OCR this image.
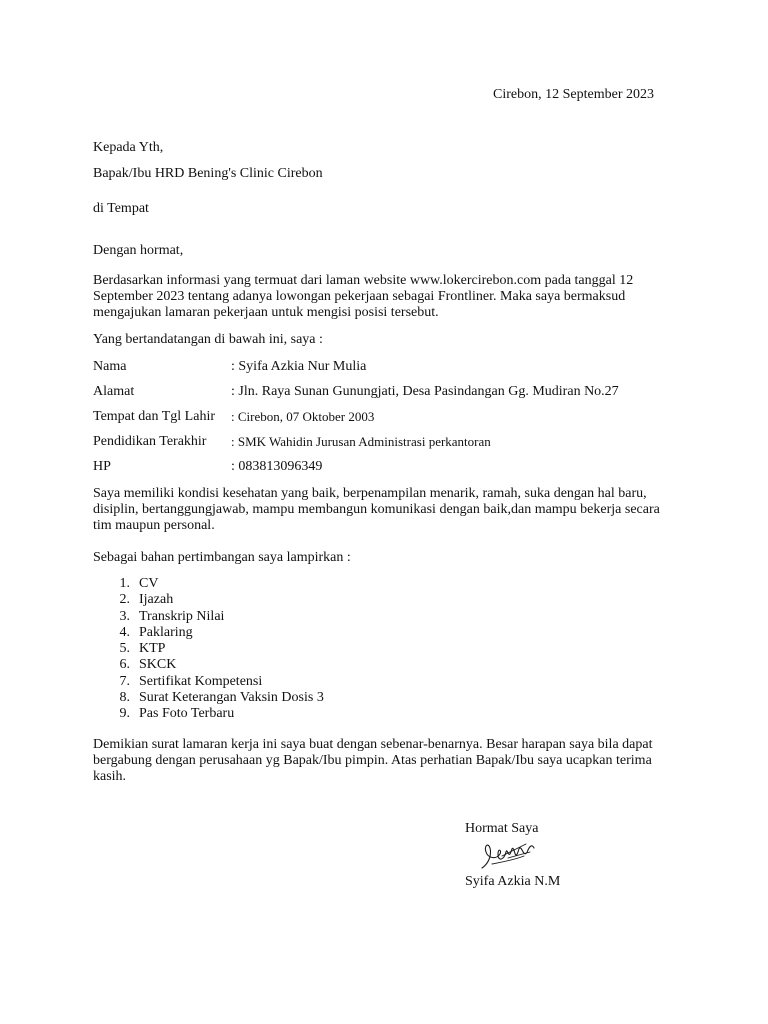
Cirebon, 12 September 2023

Kepada Yth,

Bapak/Ibu HRD Bening's Clinic Cirebon

di Tempat

Dengan hormat,

Berdasarkan informasi yang termuat dari laman website www.lokercirebon.com pada tanggal 12 September 2023 tentang adanya lowongan pekerjaan sebagai Frontliner. Maka saya bermaksud mengajukan lamaran pekerjaan untuk mengisi posisi tersebut.

Yang bertandatangan di bawah ini, saya :

Nama	: Syifa Azkia Nur Mulia
Alamat	: Jln. Raya Sunan Gunungjati, Desa Pasindangan Gg. Mudiran No.27
Tempat dan Tgl Lahir : Cirebon, 07 Oktober 2003
Pendidikan Terakhir : SMK Wahidin Jurusan Administrasi perkantoran
HP	: 083813096349

Saya memiliki kondisi kesehatan yang baik, berpenampilan menarik, ramah, suka dengan hal baru, disiplin, bertanggungjawab, mampu membangun komunikasi dengan baik,dan mampu bekerja secara tim maupun personal.

Sebagai bahan pertimbangan saya lampirkan :

1. CV
2. Ijazah
3. Transkrip Nilai
4. Paklaring
5. KTP
6. SKCK
7. Sertifikat Kompetensi
8. Surat Keterangan Vaksin Dosis 3
9. Pas Foto Terbaru

Demikian surat lamaran kerja ini saya buat dengan sebenar-benarnya. Besar harapan saya bila dapat bergabung dengan perusahaan yg Bapak/Ibu pimpin. Atas perhatian Bapak/Ibu saya ucapkan terima kasih.

Hormat Saya
Syifa Azkia N.M
